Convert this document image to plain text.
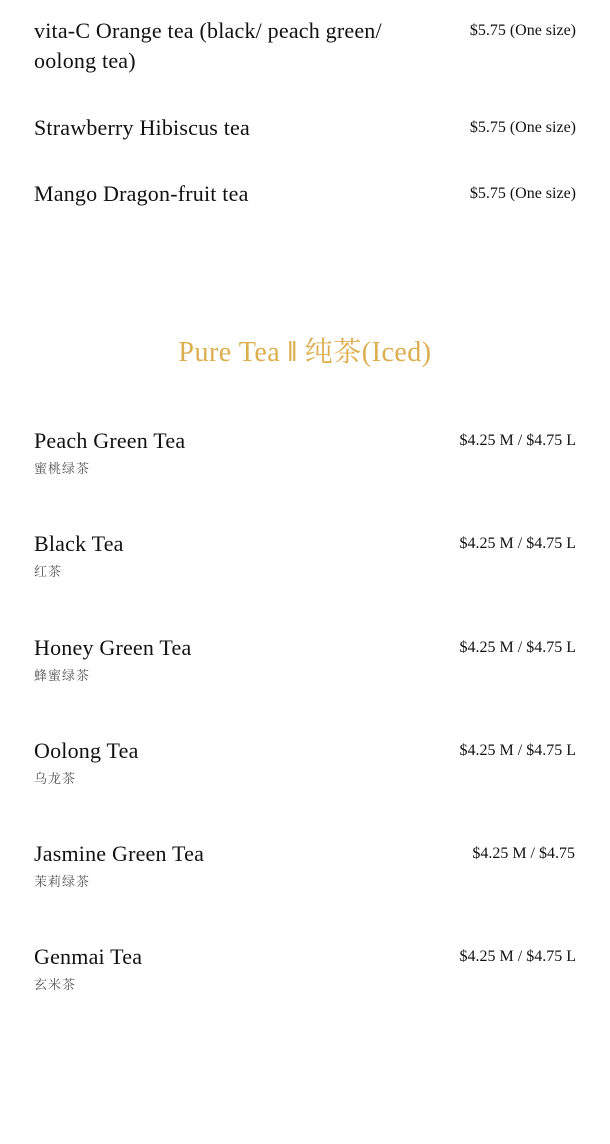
vita-C Orange tea (black/ peach green/ oolong tea)
$5.75 (One size)
Strawberry Hibiscus tea	$5.75 (One size)
Mango Dragon-fruit tea	$5.75 (One size)
Pure Tea ‖ 纯茶(Iced)
Peach Green Tea	$4.25 M / $4.75 L
蜜桃绿茶
Black Tea	$4.25 M / $4.75 L
红茶
Honey Green Tea	$4.25 M / $4.75 L
蜂蜜绿茶
Oolong Tea	$4.25 M / $4.75 L
乌龙茶
Jasmine Green Tea	$4.25 M / $4.75
茉莉绿茶
Genmai Tea	$4.25 M / $4.75 L
玄米茶
